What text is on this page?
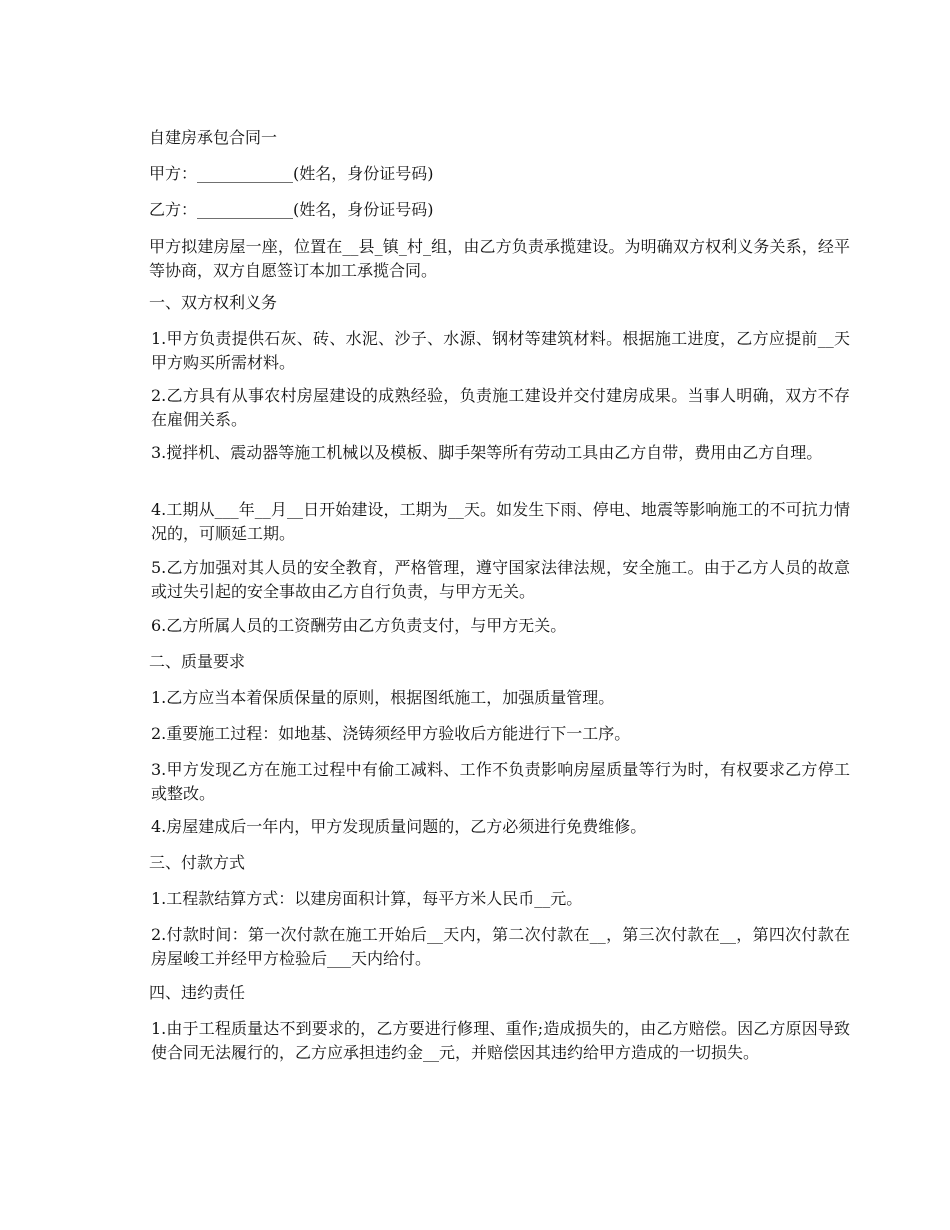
自建房承包合同一
甲方：____________(姓名，身份证号码)
乙方：____________(姓名，身份证号码)
甲方拟建房屋一座，位置在__县_镇_村_组，由乙方负责承揽建设。为明确双方权利义务关系，经平等协商，双方自愿签订本加工承揽合同。
一、双方权利义务
1.甲方负责提供石灰、砖、水泥、沙子、水源、钢材等建筑材料。根据施工进度，乙方应提前__天甲方购买所需材料。
2.乙方具有从事农村房屋建设的成熟经验，负责施工建设并交付建房成果。当事人明确，双方不存在雇佣关系。
3.搅拌机、震动器等施工机械以及模板、脚手架等所有劳动工具由乙方自带，费用由乙方自理。
4.工期从___年__月__日开始建设，工期为__天。如发生下雨、停电、地震等影响施工的不可抗力情况的，可顺延工期。
5.乙方加强对其人员的安全教育，严格管理，遵守国家法律法规，安全施工。由于乙方人员的故意或过失引起的安全事故由乙方自行负责，与甲方无关。
6.乙方所属人员的工资酬劳由乙方负责支付，与甲方无关。
二、质量要求
1.乙方应当本着保质保量的原则，根据图纸施工，加强质量管理。
2.重要施工过程：如地基、浇铸须经甲方验收后方能进行下一工序。
3.甲方发现乙方在施工过程中有偷工减料、工作不负责影响房屋质量等行为时，有权要求乙方停工或整改。
4.房屋建成后一年内，甲方发现质量问题的，乙方必须进行免费维修。
三、付款方式
1.工程款结算方式：以建房面积计算，每平方米人民币__元。
2.付款时间：第一次付款在施工开始后__天内，第二次付款在__，第三次付款在__，第四次付款在房屋峻工并经甲方检验后___天内给付。
四、违约责任
1.由于工程质量达不到要求的，乙方要进行修理、重作;造成损失的，由乙方赔偿。因乙方原因导致使合同无法履行的，乙方应承担违约金__元，并赔偿因其违约给甲方造成的一切损失。
